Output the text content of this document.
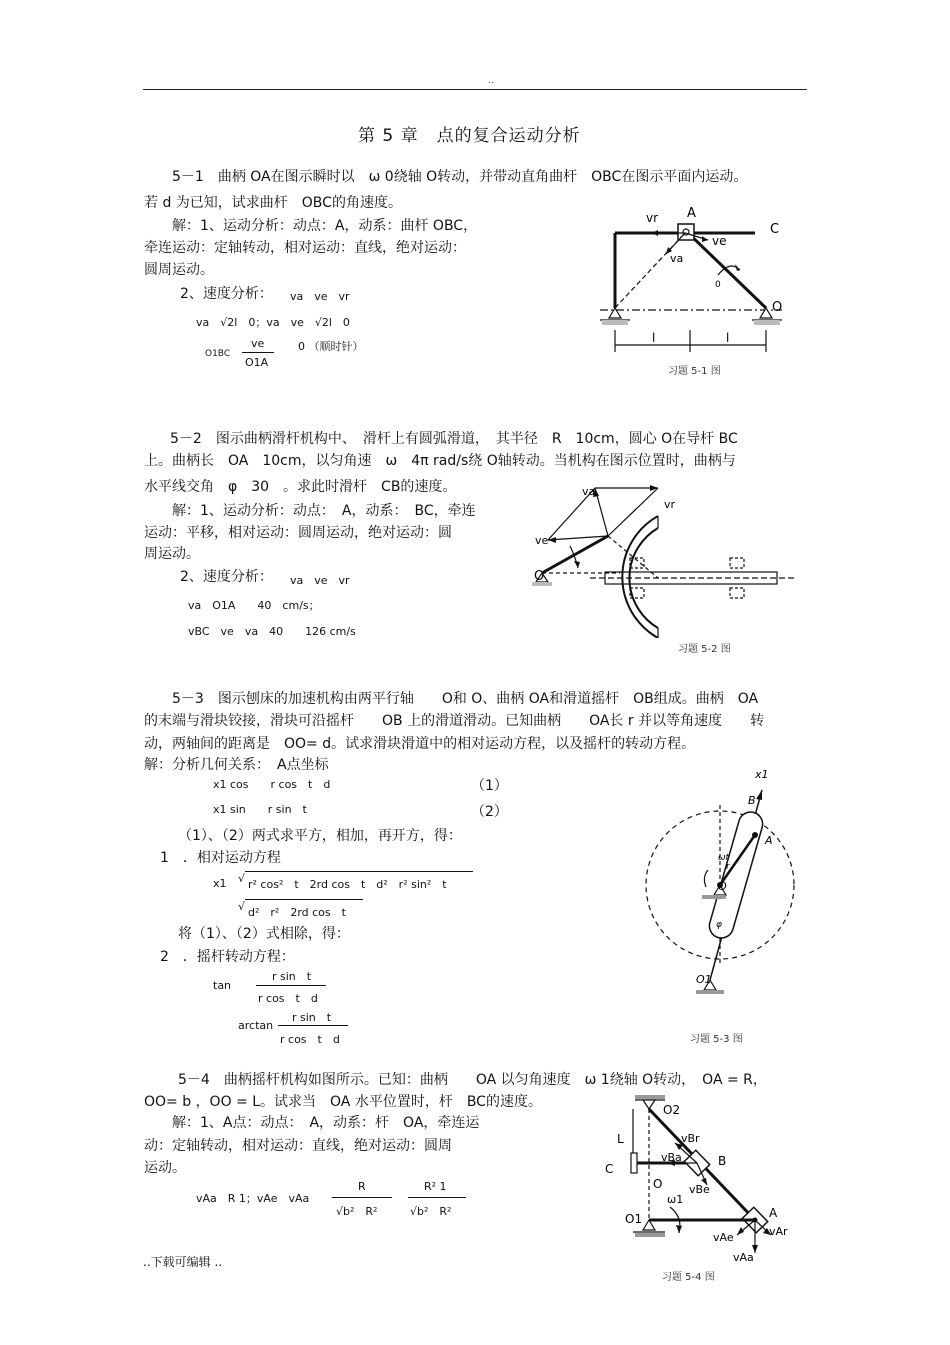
..
第 5 章　点的复合运动分析
5－1　曲柄 OA在图示瞬时以　ω 0绕轴 O转动，并带动直角曲杆　OBC在图示平面内运动。
若 d 为已知，试求曲杆　OBC的角速度。
解：1、运动分析：动点：A，动系：曲杆 OBC，
牵连运动：定轴转动，相对运动：直线，绝对运动：
圆周运动。
2、速度分析： va　ve　vr
va　√2l　0；va　ve　√2l　0
O1BC
ve
O1A
0 （顺时针）
vr A
C
ve
va
0
O
l	l
习题 5-1 图
5－2　图示曲柄滑杆机构中、　滑杆上有圆弧滑道，　其半径　R　10cm，圆心 O在导杆 BC
上。曲柄长　OA　10cm，以匀角速　ω　4π rad/s绕 O轴转动。当机构在图示位置时，曲柄与
水平线交角　φ　30　。求此时滑杆　CB的速度。
解：1、运动分析：动点：　A，动系：　BC，牵连
运动：平移，相对运动：圆周运动，绝对运动：圆
周运动。
2、速度分析： va　ve　vr
va　O1A　　40　cm/s；
vBC　ve　va　40　　126 cm/s
va
vr
ve
O
习题 5-2 图
5－3　图示刨床的加速机构由两平行轴　　O和 O、曲柄 OA和滑道摇杆　OB组成。曲柄　OA
的末端与滑块铰接，滑块可沿摇杆　　OB 上的滑道滑动。已知曲柄　　OA长 r 并以等角速度　　转
动，两轴间的距离是　OO= d。试求滑块滑道中的相对运动方程，以及摇杆的转动方程。
解：分析几何关系：　A点坐标
x1 cos　　r cos　t　d	（1）
x1 sin　　r sin　t	（2）
（1）、（2）两式求平方，相加，再开方，得：
1　．相对运动方程
x1 √ r² cos²　t　2rd cos　t　d²　r² sin²　t
√ d²　r²　2rd cos　t
将（1）、（2）式相除，得：
2　．摇杆转动方程：
tan
r sin　t
r cos　t　d
arctan
r sin　t
r cos　t　d
x1
B
A
ωt
r
O
φ
O1
习题 5-3 图
5－4　曲柄摇杆机构如图所示。已知：曲柄　　OA 以匀角速度　ω 1绕轴 O转动，　OA = R，
OO= b ，OO = L。试求当　OA 水平位置时，杆　BC的速度。
解：1、A点：动点：　A，动系：杆　OA，牵连运
动：定轴转动，相对运动：直线，绝对运动：圆周
运动。
vAa　R 1；vAe　vAa
R
√b²　R²
R² 1
√b²　R²
O2
L	vBr
C
vBa	B
vBe
O
ω1
O1	A
vAr
vAe
vAa
习题 5-4 图
..下载可编辑 ..
